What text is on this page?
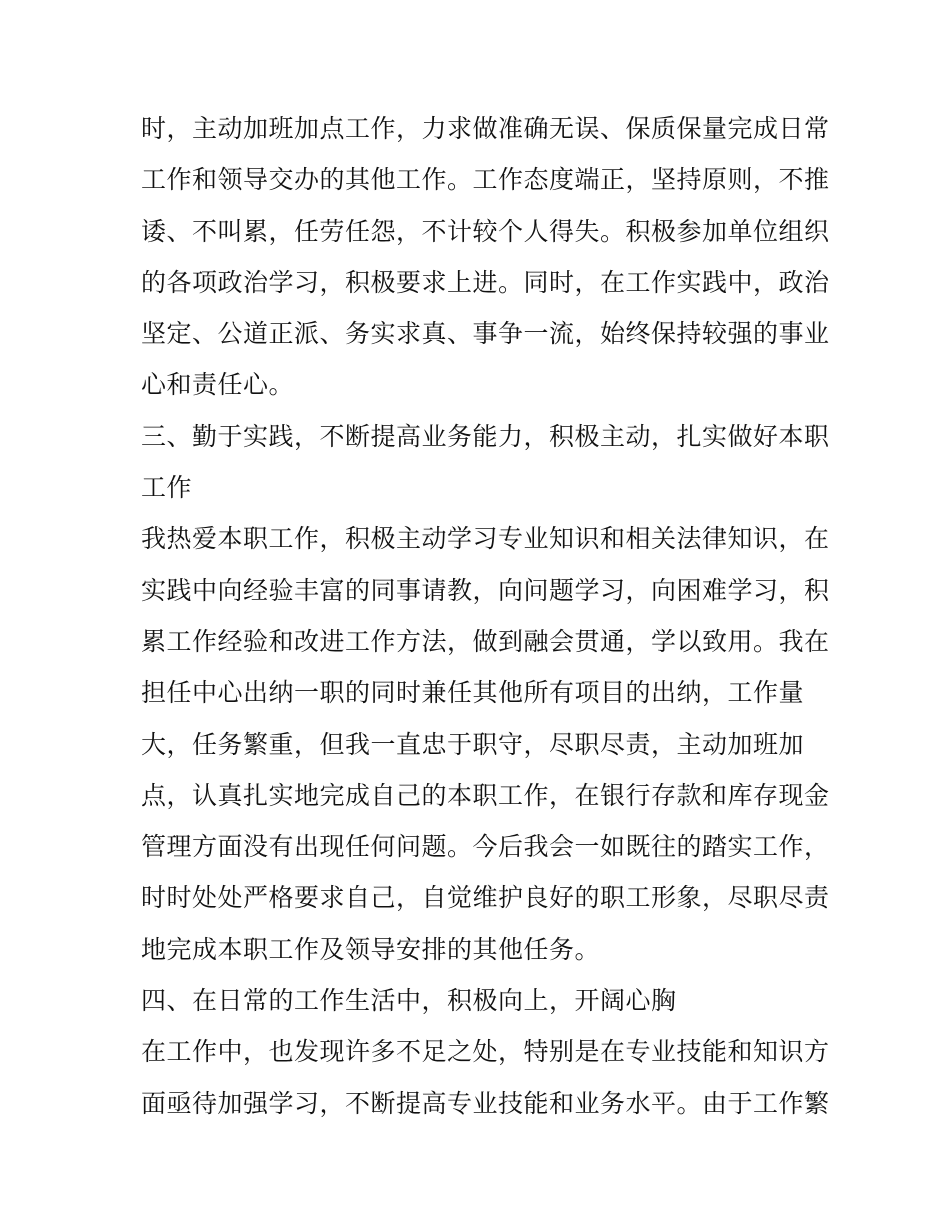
时，主动加班加点工作，力求做准确无误、保质保量完成日常
工作和领导交办的其他工作。工作态度端正，坚持原则，不推
诿、不叫累，任劳任怨，不计较个人得失。积极参加单位组织
的各项政治学习，积极要求上进。同时，在工作实践中，政治
坚定、公道正派、务实求真、事争一流，始终保持较强的事业
心和责任心。
三、勤于实践，不断提高业务能力，积极主动，扎实做好本职
工作
我热爱本职工作，积极主动学习专业知识和相关法律知识，在
实践中向经验丰富的同事请教，向问题学习，向困难学习，积
累工作经验和改进工作方法，做到融会贯通，学以致用。我在
担任中心出纳一职的同时兼任其他所有项目的出纳，工作量
大，任务繁重，但我一直忠于职守，尽职尽责，主动加班加
点，认真扎实地完成自己的本职工作，在银行存款和库存现金
管理方面没有出现任何问题。今后我会一如既往的踏实工作，
时时处处严格要求自己，自觉维护良好的职工形象，尽职尽责
地完成本职工作及领导安排的其他任务。
四、在日常的工作生活中，积极向上，开阔心胸
在工作中，也发现许多不足之处，特别是在专业技能和知识方
面亟待加强学习，不断提高专业技能和业务水平。由于工作繁
